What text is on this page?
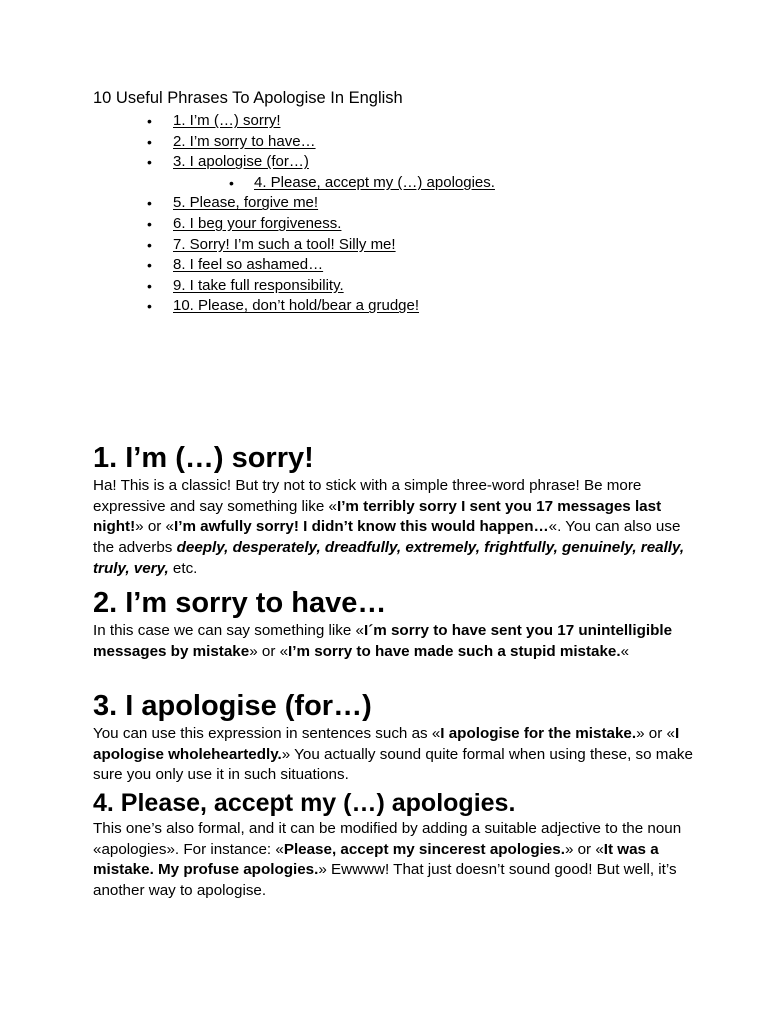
10 Useful Phrases To Apologise In English
• 1. I’m (…) sorry!
• 2. I’m sorry to have…
• 3. I apologise (for…)
• 4. Please, accept my (…) apologies.
• 5. Please, forgive me!
• 6. I beg your forgiveness.
• 7. Sorry! I’m such a tool! Silly me!
• 8. I feel so ashamed…
• 9. I take full responsibility.
• 10. Please, don’t hold/bear a grudge!
1. I’m (…) sorry!

Ha! This is a classic! But try not to stick with a simple three-word phrase! Be more expressive and say something like «I’m terribly sorry I sent you 17 messages last night!» or «I’m awfully sorry! I didn’t know this would happen…«. You can also use the adverbs deeply, desperately, dreadfully, extremely, frightfully, genuinely, really, truly, very, etc.

2. I’m sorry to have…

In this case we can say something like «I´m sorry to have sent you 17 unintelligible messages by mistake» or «I’m sorry to have made such a stupid mistake.«

3. I apologise (for…)

You can use this expression in sentences such as «I apologise for the mistake.» or «I apologise wholeheartedly.» You actually sound quite formal when using these, so make sure you only use it in such situations.

4. Please, accept my (…) apologies.

This one’s also formal, and it can be modified by adding a suitable adjective to the noun «apologies». For instance: «Please, accept my sincerest apologies.» or «It was a mistake. My profuse apologies.» Ewwww! That just doesn’t sound good! But well, it’s another way to apologise.
